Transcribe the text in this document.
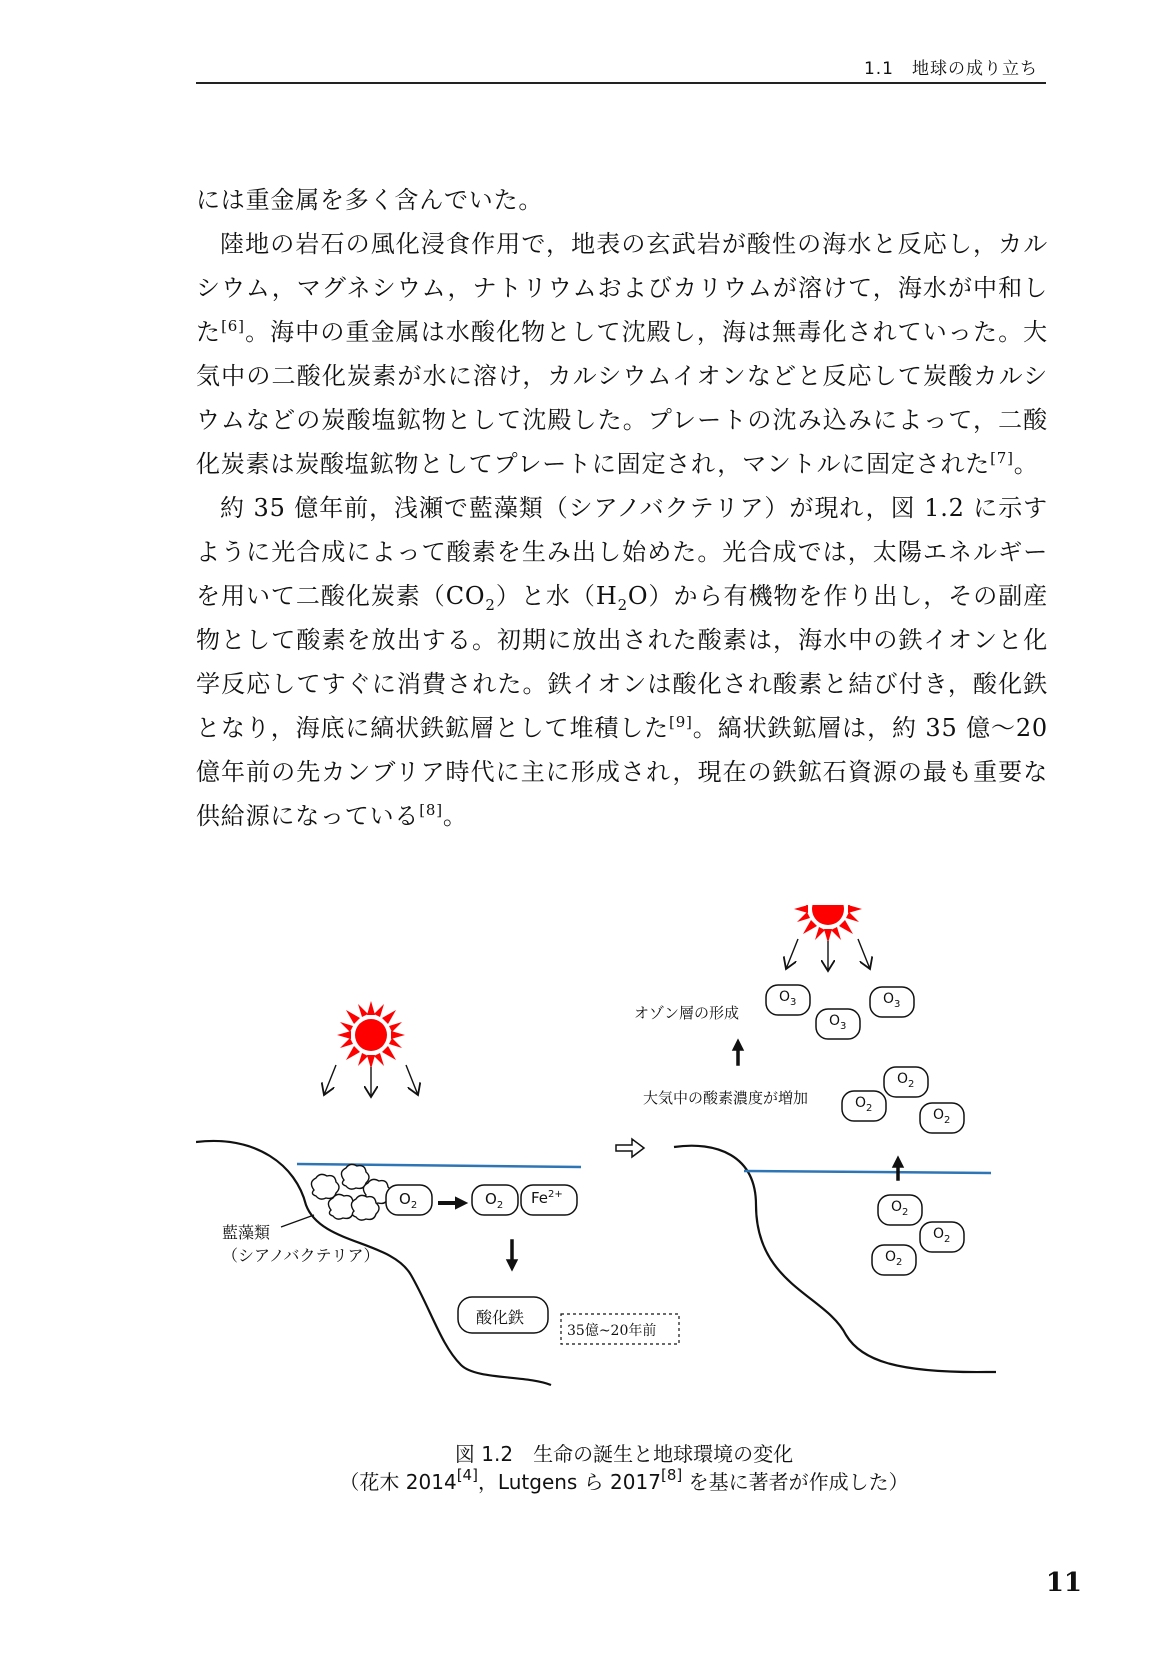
1.1　地球の成り立ち

には重金属を多く含んでいた。

陸地の岩石の風化浸食作用で，地表の玄武岩が酸性の海水と反応し，カルシウム，マグネシウム，ナトリウムおよびカリウムが溶けて，海水が中和した[6]。海中の重金属は水酸化物として沈殿し，海は無毒化されていった。大気中の二酸化炭素が水に溶け，カルシウムイオンなどと反応して炭酸カルシウムなどの炭酸塩鉱物として沈殿した。プレートの沈み込みによって，二酸化炭素は炭酸塩鉱物としてプレートに固定され，マントルに固定された[7]。

約 35 億年前，浅瀬で藍藻類（シアノバクテリア）が現れ，図 1.2 に示すように光合成によって酸素を生み出し始めた。光合成では，太陽エネルギーを用いて二酸化炭素$(CO_2)$と水$(H_2O)$から有機物を作り出し，その副産物として酸素を放出する。初期に放出された酸素は，海水中の鉄イオンと化学反応してすぐに消費された。鉄イオンは酸化され酸素と結び付き，酸化鉄となり，海底に縞状鉄鉱層として堆積した[9]。縞状鉄鉱層は，約 35 億〜20 億年前の先カンブリア時代に主に形成され，現在の鉄鉱石資源の最も重要な供給源になっている[8]。

藍藻類
（シアノバクテリア）
$O_2$	$O_2$ $Fe^{2+}$
酸化鉄
35億~20年前
大気中の酸素濃度が増加
オゾン層の形成
$O_3$
$O_3$
$O_3$
$O_2$
$O_2$
$O_2$
$O_2$
$O_2$
$O_2$
図 1.2　生命の誕生と地球環境の変化
（花木 2014[4]，Lutgens ら 2017[8] を基に著者が作成した）
11
